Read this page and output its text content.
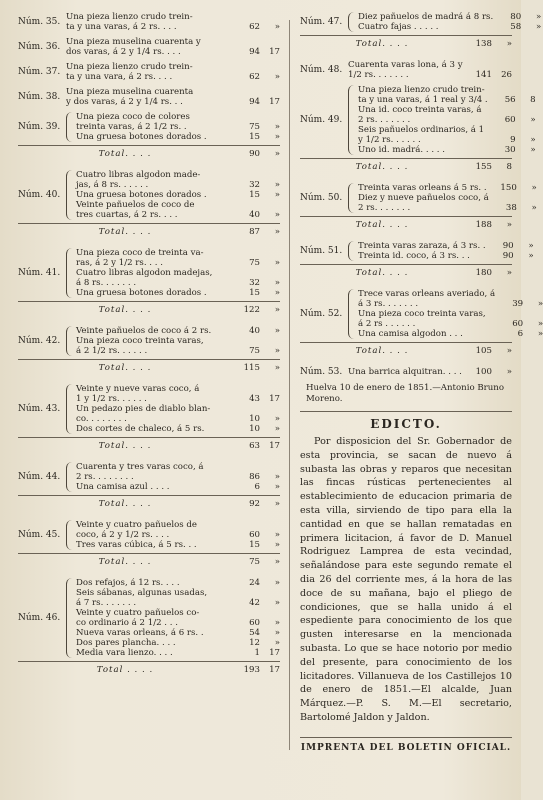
Núm. 35. Una pieza lienzo crudo trein-
ta y una varas, á 2 rs. . . .	62	»
Núm. 36. Una pieza muselina cuarenta y
dos varas, á 2 y 1/4 rs. . . .	94	17
Núm. 37. Una pieza lienzo crudo trein-
ta y una vara, á 2 rs. . . .	62	»
Núm. 38. Una pieza muselina cuarenta
y dos varas, á 2 y 1/4 rs. . .	94	17
Núm. 39.
Una pieza coco de colores
treinta varas, á 2 1/2 rs. .	75	»
Una gruesa botones dorados .	15	»
Total. . . .	90	»
Núm. 40.
Cuatro libras algodon made-
jas, á 8 rs. . . . . .	32	»
Una gruesa botones dorados .	15	»
Veinte pañuelos de coco de
tres cuartas, á 2 rs. . . .	40	»
Total. . . .	87	»
Núm. 41.
Una pieza coco de treinta va-
ras, á 2 y 1/2 rs. . . .	75	»
Cuatro libras algodon madejas,
á 8 rs. . . . . . .	32	»
Una gruesa botones dorados .	15	»
Total. . . .	122	»
Núm. 42.
Veinte pañuelos de coco á 2 rs.	40	»
Una pieza coco treinta varas,
á 2 1/2 rs. . . . . .	75	»
Total. . . .	115	»
Núm. 43.
Veinte y nueve varas coco, á
1 y 1/2 rs. . . . . .	43	17
Un pedazo pies de diablo blan-
co. . . . . . . .	10	»
Dos cortes de chaleco, á 5 rs.	10	»
Total. . . .	63	17
Núm. 44.
Cuarenta y tres varas coco, á
2 rs. . . . . . . .	86	»
Una camisa azul . . . .	6	»
Total. . . .	92	»
Núm. 45.
Veinte y cuatro pañuelos de
coco, á 2 y 1/2 rs. . . .	60	»
Tres varas cúbica, á 5 rs. . .	15	»
Total. . . .	75	»
Núm. 46.
Dos refajos, á 12 rs. . . .	24	»
Seis sábanas, algunas usadas,
á 7 rs. . . . . . .	42	»
Veinte y cuatro pañuelos co-
co ordinario á 2 1/2 . . .	60	»
Nueva varas orleans, á 6 rs. .	54	»
Dos pares plancha. . . .	12	»
Media vara lienzo. . . .	1	17
Total . . . .	193	17
Núm. 47.	Diez pañuelos de madrá á 8 rs.	80	»
Cuatro fajas . . . . .	58	»
Total. . . .	138	»
Núm. 48. Cuarenta varas lona, á 3 y
1/2 rs. . . . . . .	141	26
Núm. 49.
Una pieza lienzo crudo trein-
ta y una varas, á 1 real y 3/4 .	56	8
Una id. coco treinta varas, á
2 rs. . . . . . .	60	»
Seis pañuelos ordinarios, á 1
y 1/2 rs. . . . . .	9	»
Uno id. madrá. . . . .	30	»
Total. . . .	155	8
Núm. 50.
Treinta varas orleans á 5 rs. .	150	»
Diez y nueve pañuelos coco, á
2 rs. . . . . . .	38	»
Total. . . .	188	»
Núm. 51.	Treinta varas zaraza, á 3 rs. .	90	»
Treinta id. coco, á 3 rs. . .	90	»
Total. . . .	180	»
Núm. 52.
Trece varas orleans averiado, á
á 3 rs. . . . . . .	39	»
Una pieza coco treinta varas,
á 2 rs . . . . . .	60	»
Una camisa algodon . . .	6	»
Total. . . .	105	»
Núm. 53. Una barrica alquitran. . . .	100	»
Huelva 10 de enero de 1851.—Antonio Bruno Moreno.
EDICTO.
Por disposicion del Sr. Gobernador de esta provincia, se sacan de nuevo á subasta las obras y reparos que necesitan las fincas rústicas pertenecientes al establecimiento de educacion primaria de esta villa, sirviendo de tipo para ella la cantidad en que se hallan rematadas en primera licitacion, á favor de D. Manuel Rodriguez Lamprea de esta vecindad, señalándose para este segundo remate el dia 26 del corriente mes, á la hora de las doce de su mañana, bajo el pliego de condiciones, que se halla unido á el espediente para conocimiento de los que gusten interesarse en la mencionada subasta. Lo que se hace notorio por medio del presente, para conocimiento de los licitadores. Villanueva de los Castillejos 10 de enero de 1851.—El alcalde, Juan Márquez.—P. S. M.—El secretario, Bartolomé Jaldon y Jaldon.
IMPRENTA DEL BOLETIN OFICIAL.
